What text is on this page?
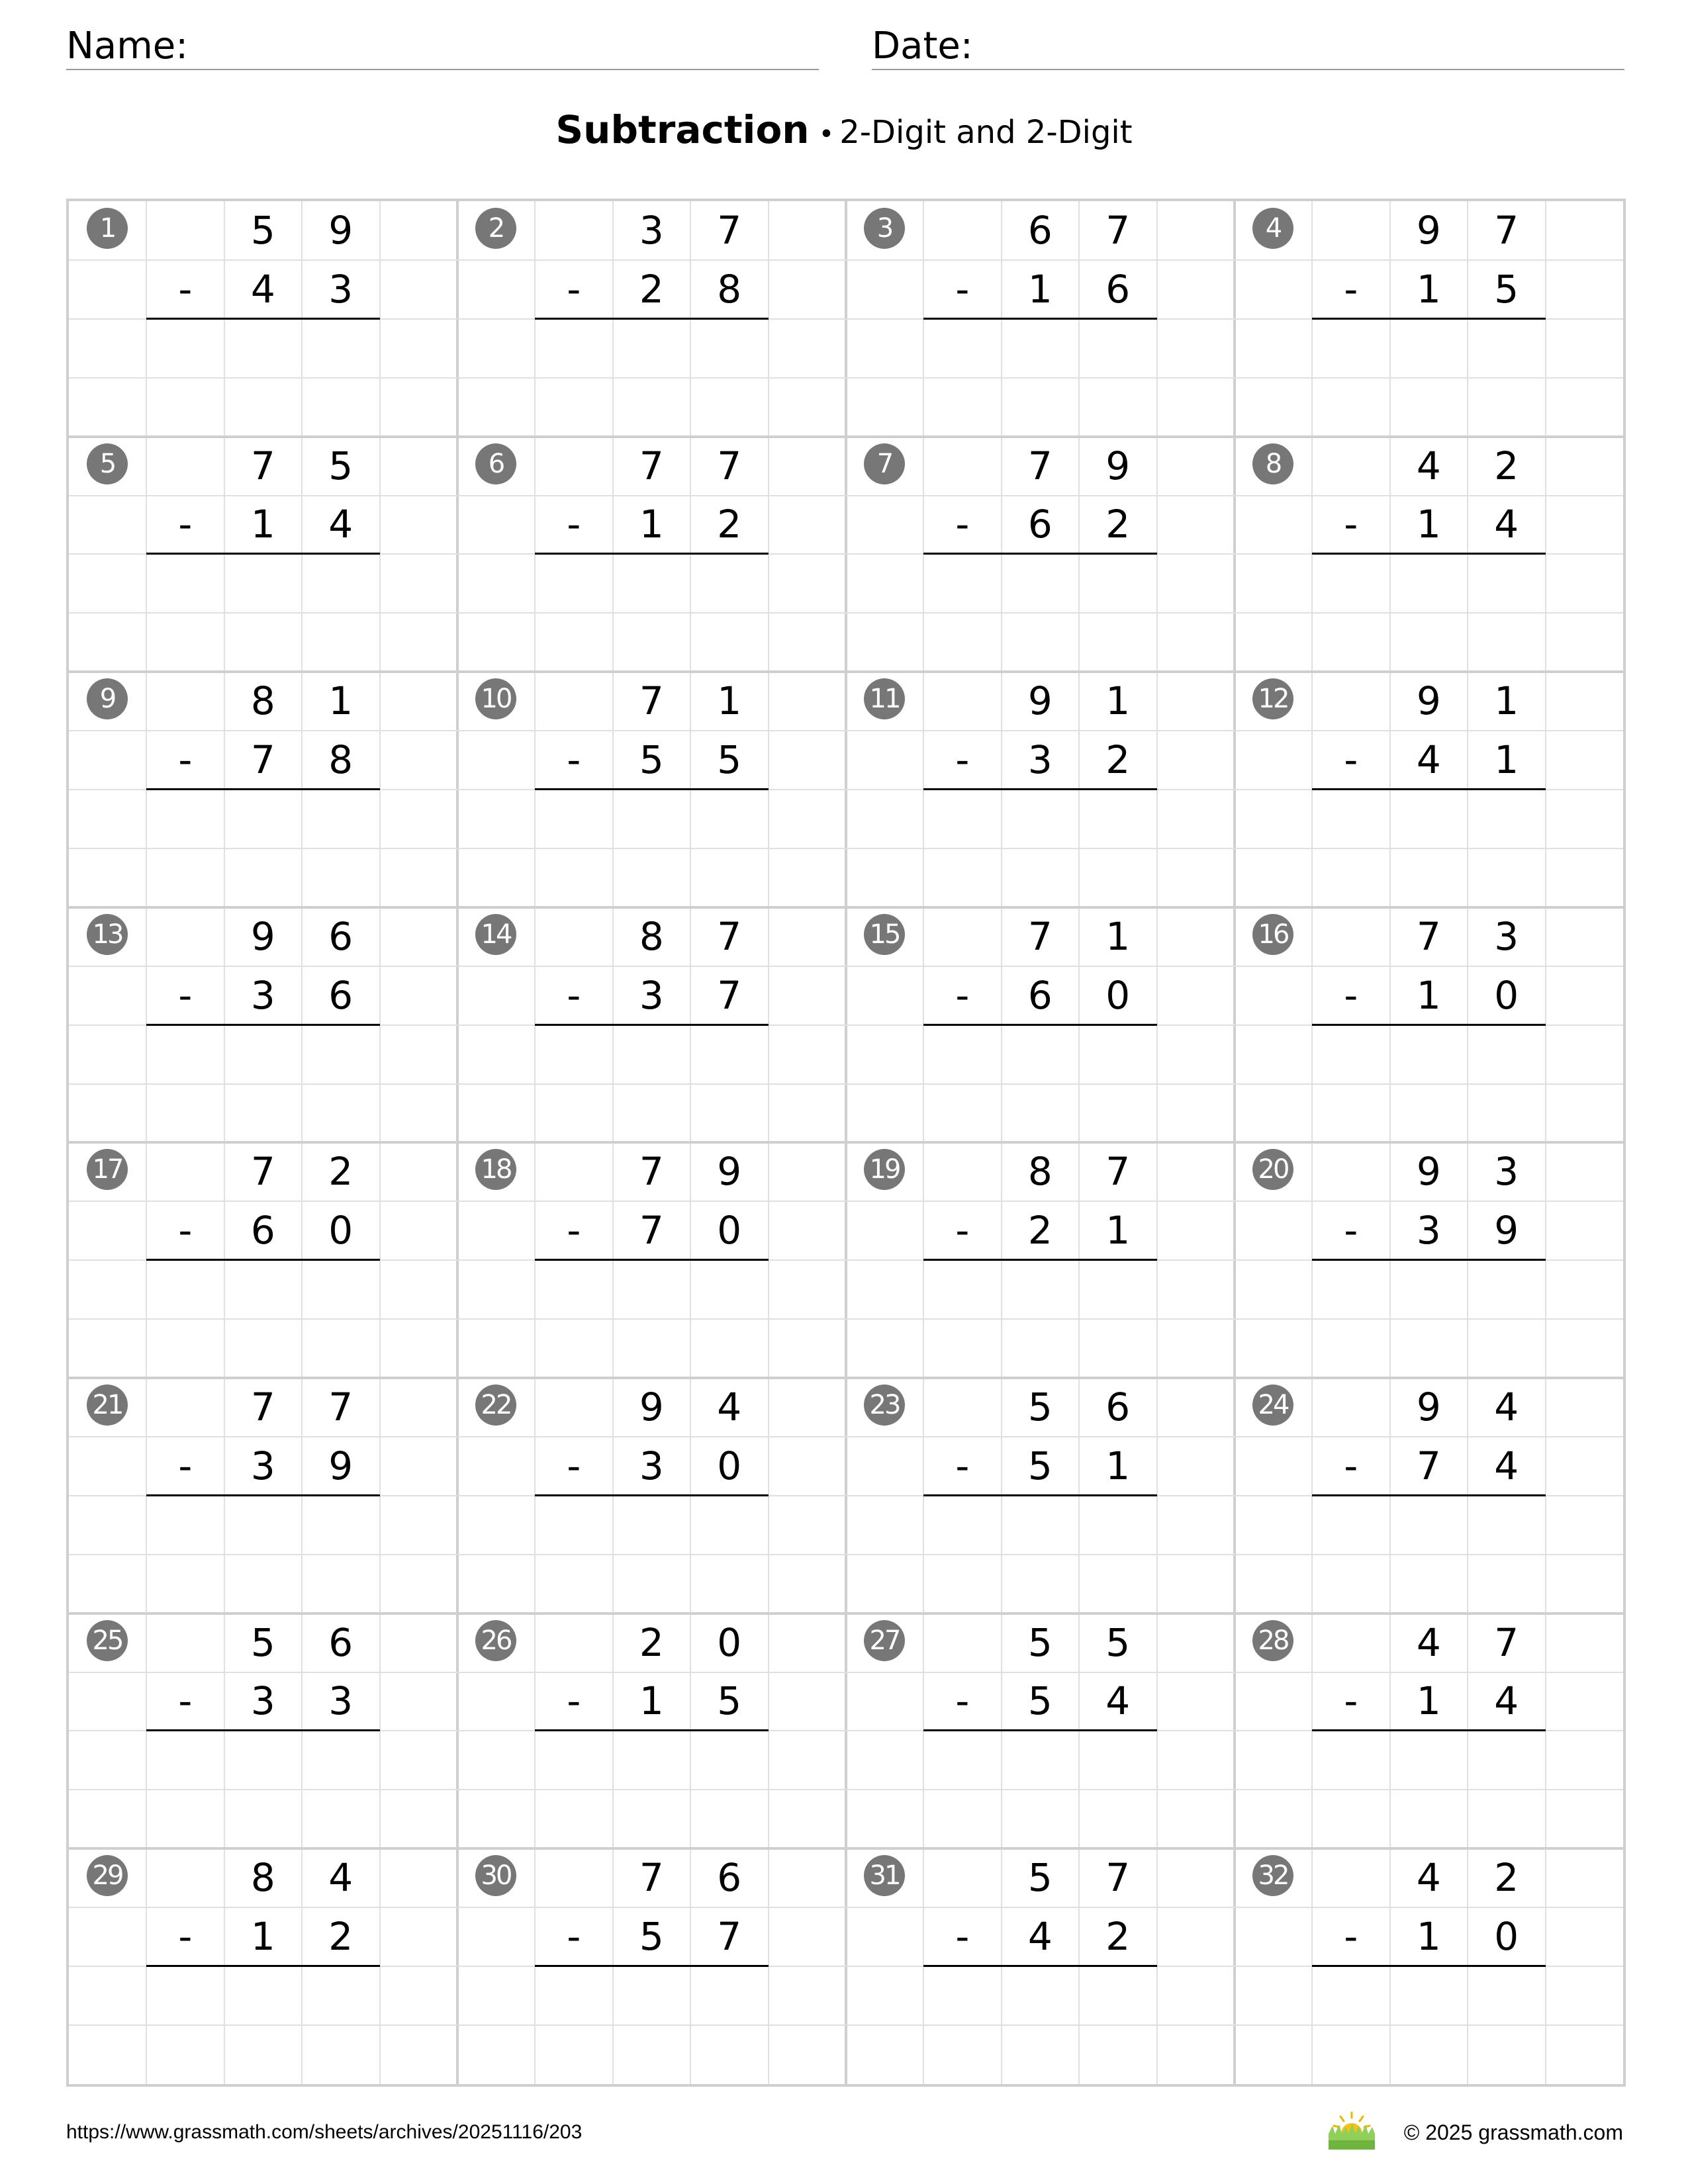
Name:	Date:
Subtraction • 2-Digit and 2-Digit
1	5	9
-	4	3
2	3	7
-	2	8
3	6	7
-	1	6
4	9	7
-	1	5
5	7	5
-	1	4
6	7	7
-	1	2
7	7	9
-	6	2
8	4	2
-	1	4
9	8	1
-	7	8
10	7	1
-	5	5
11	9	1
-	3	2
12	9	1
-	4	1
13	9	6
-	3	6
14	8	7
-	3	7
15	7	1
-	6	0
16	7	3
-	1	0
17	7	2
-	6	0
18	7	9
-	7	0
19	8	7
-	2	1
20	9	3
-	3	9
21	7	7
-	3	9
22	9	4
-	3	0
23	5	6
-	5	1
24	9	4
-	7	4
25	5	6
-	3	3
26	2	0
-	1	5
27	5	5
-	5	4
28	4	7
-	1	4
29	8	4
-	1	2
30	7	6
-	5	7
31	5	7
-	4	2
32	4	2
-	1	0
https://www.grassmath.com/sheets/archives/20251116/203	© 2025 grassmath.com
